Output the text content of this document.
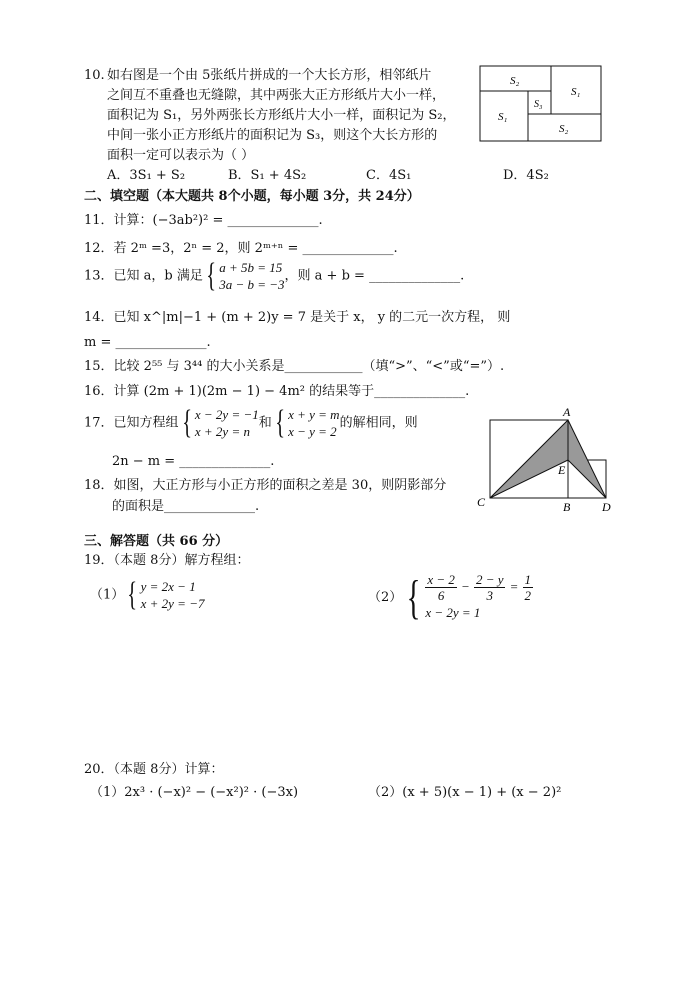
10. 如右图是一个由 5张纸片拼成的一个大长方形，相邻纸片
之间互不重叠也无缝隙，其中两张大正方形纸片大小一样，
面积记为 S₁，另外两张长方形纸片大小一样，面积记为 S₂，
中间一张小正方形纸片的面积记为 S₃，则这个大长方形的
面积一定可以表示为（ ）
A．3S₁ + S₂	B．S₁ + 4S₂	C．4S₁	D．4S₂
S₂
S₁
S₃
S₁
S₂
二、填空题（本大题共 8个小题，每小题 3分，共 24分）
11．计算：(−3ab²)² = ______________.
12．若 2ᵐ =3，2ⁿ = 2，则 2ᵐ⁺ⁿ = ______________.
13．已知 a，b 满足{ a + 5b = 15
3a − b = −3
，则 a + b = ______________.
14．已知 x^|m|−1 + (m + 2)y = 7 是关于 x， y 的二元一次方程， 则
m = ______________.
15．比较 2⁵⁵ 与 3⁴⁴ 的大小关系是____________（填“>”、“<”或“=”）.
16．计算 (2m + 1)(2m − 1) − 4m² 的结果等于______________.
17．已知方程组{ x − 2y = −1
x + 2y = n
和{ x + y = m
x − y = 2
的解相同，则
2n − m = ______________.
18．如图，大正方形与小正方形的面积之差是 30，则阴影部分
的面积是______________.
A
E
C	B	D
三、解答题（共 66 分）
19．（本题 8分）解方程组：
（1）{ y = 2x − 1
x + 2y = −7	$(2)\{ \frac{x - 2}{6} - \frac{2 - y}{3} = \frac{1}{2}$
x − 2y = 1
20．（本题 8分）计算：
（1）2x³ · (−x)² − (−x²)² · (−3x)	（2）(x + 5)(x − 1) + (x − 2)²
